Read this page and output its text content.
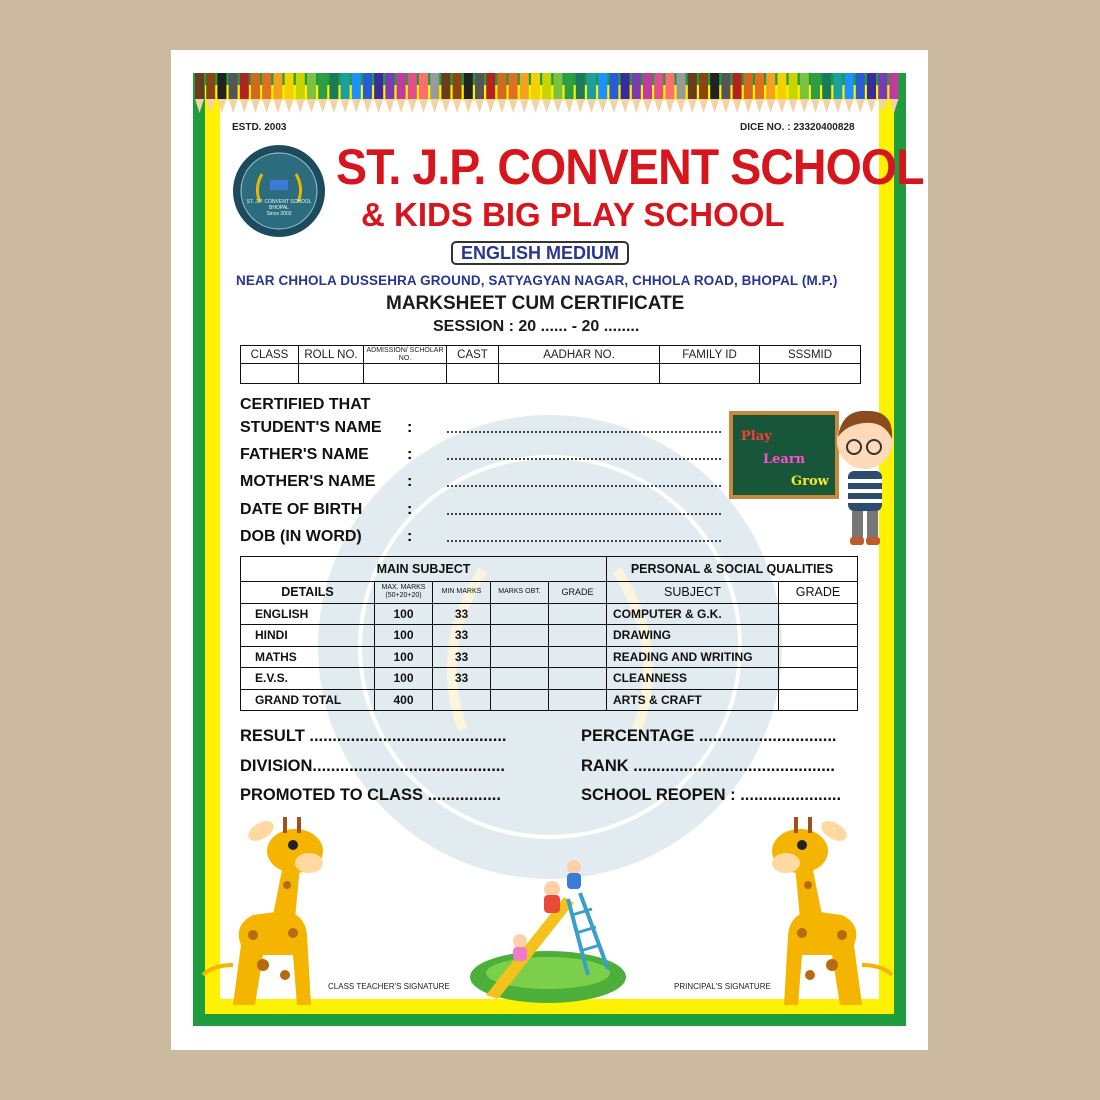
ESTD. 2003	DICE NO. : 23320400828
ST. J.P. CONVENT SCHOOL
BHOPAL
Since 2003
ST. J.P. CONVENT SCHOOL
& KIDS BIG PLAY SCHOOL
ENGLISH MEDIUM
NEAR CHHOLA DUSSEHRA GROUND, SATYAGYAN NAGAR, CHHOLA ROAD, BHOPAL (M.P.)
MARKSHEET CUM CERTIFICATE
SESSION : 20 ...... - 20 ........
CLASS	ROLL NO.	ADMISSION/ SCHOLAR NO.	CAST	AADHAR NO.	FAMILY ID	SSSMID

CERTIFIED THAT
STUDENT'S NAME :
FATHER'S NAME :
MOTHER'S NAME :
DATE OF BIRTH	:
DOB (IN WORD)	:
Play
Learn
Grow
MAIN SUBJECT					PERSONAL & SOCIAL QUALITIES	
DETAILS	MAX. MARKS (50+20+20)	MIN MARKS	MARKS OBT.	GRADE	SUBJECT	GRADE
ENGLISH	100	33			COMPUTER & G.K.	
HINDI	100	33			DRAWING	
MATHS	100	33			READING AND WRITING	
E.V.S.	100	33			CLEANNESS	
GRAND TOTAL	400				ARTS & CRAFT	
RESULT ...........................................	PERCENTAGE ..............................
DIVISION..........................................	RANK ............................................
PROMOTED TO CLASS ................	SCHOOL REOPEN : ......................
CLASS TEACHER'S SIGNATURE	PRINCIPAL'S SIGNATURE
